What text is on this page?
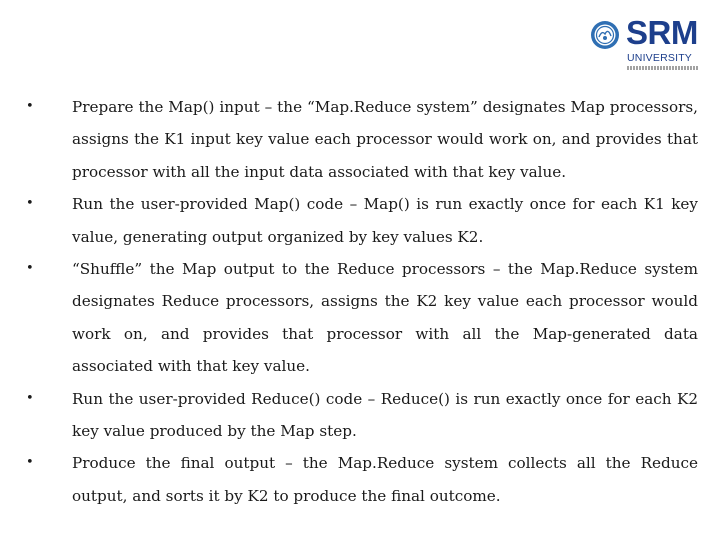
SRM
UNIVERSITY
•	Prepare the Map() input – the “Map.Reduce system” designates Map processors, assigns the K1 input key value each processor would work on, and provides that processor with all the input data associated with that key value.
•	Run the user-provided Map() code – Map() is run exactly once for each K1 key value, generating output organized by key values K2.
•	“Shuffle” the Map output to the Reduce processors – the Map.Reduce system designates Reduce processors, assigns the K2 key value each processor would work on, and provides that processor with all the Map-generated data associated with that key value.
•	Run the user-provided Reduce() code – Reduce() is run exactly once for each K2 key value produced by the Map step.
•	Produce the final output – the Map.Reduce system collects all the Reduce output, and sorts it by K2 to produce the final outcome.
